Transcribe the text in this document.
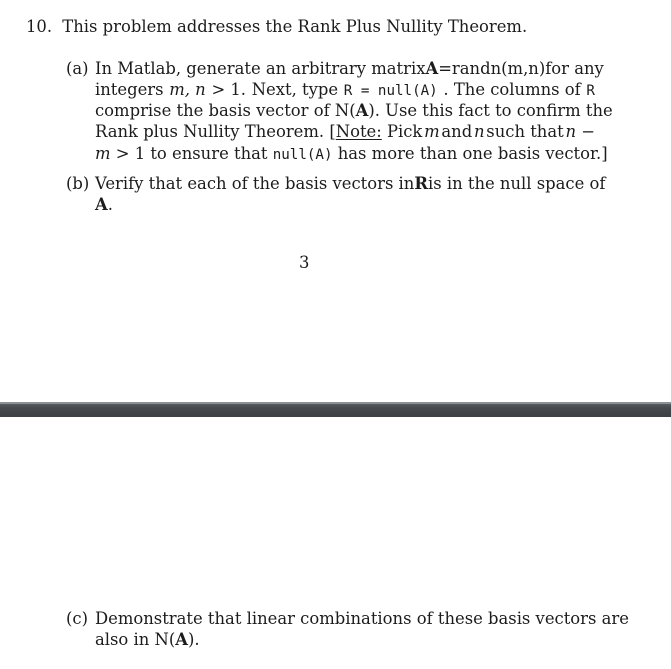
10. This problem addresses the Rank Plus Nullity Theorem.
(a) In Matlab, generate an arbitrary matrix A = randn(m,n) for any
integers m, n > 1. Next, type R = null(A) . The columns of R
comprise the basis vector of N(A). Use this fact to confirm the
Rank plus Nullity Theorem. [Note: Pick m and n such that n −
m > 1 to ensure that null(A) has more than one basis vector.]
(b) Verify that each of the basis vectors in R is in the null space of
A.
3
(c) Demonstrate that linear combinations of these basis vectors are
also in N(A).
